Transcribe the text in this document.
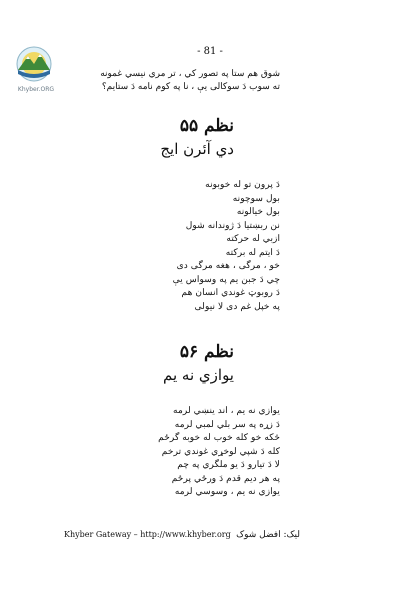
Khyber.ORG
- 81 -
شوق هم ستا په تصور کي ، تر مري نيسي غمونه
ته سوب دَ سوکالی يې ، نا په کوم نامه دَ ستايم؟
نظم ۵۵
دي آئرن ايج
دَ پرون تو له خوبونه
بول سوچونه
بول خيالونه
نن ربښتيا دَ ژوندانه شول
ازبي له حرکته
دَ ايتم له برکته
خو ، مرگی ، هغه مرگی دی
چي دَ جبن يم په وسواس يې
دَ روبوټ غوندي انسان هم
په خپل غم دی لا نيولی
نظم ۵۶
يوازي نه يم
يوازي نه يم ، اند ينښي لرمه
دَ زړه په سر بلي لمبي لرمه
څکه خو کله خوب له خوبه گرځم
کله دَ شپي لوخړي غوندي ترخم
لا دَ تيارو دَ يو ملگري په چم
په هر ديم قدم دَ ورځي پرځم
يوازي نه يم ، وسوسي لرمه
Khyber Gateway – http://www.khyber.org ليک: افضل شوک
